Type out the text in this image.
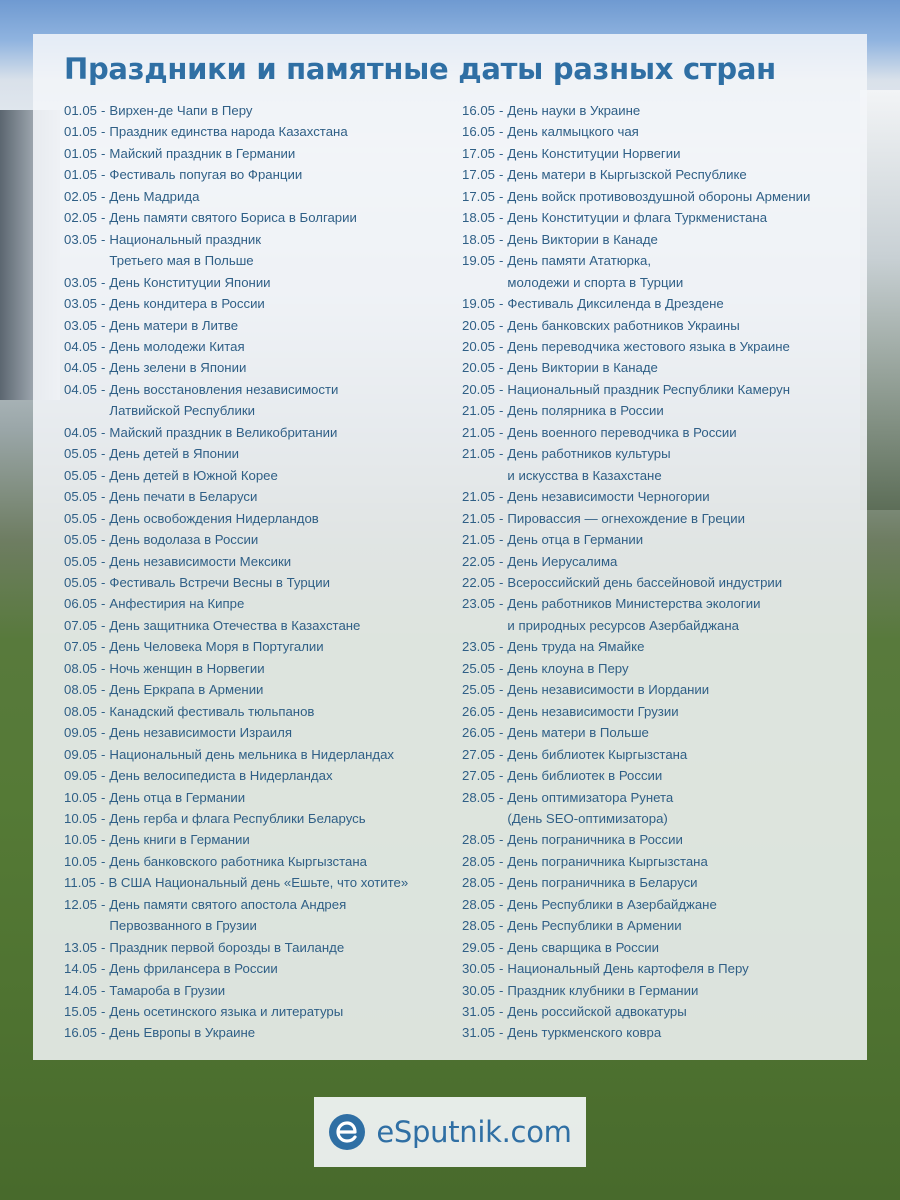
Праздники и памятные даты разных стран
01.05 - Вирхен-де Чапи в Перу
01.05 - Праздник единства народа Казахстана
01.05 - Майский праздник в Германии
01.05 - Фестиваль попугая во Франции
02.05 - День Мадрида
02.05 - День памяти святого Бориса в Болгарии
03.05 - Национальный праздник
Третьего мая в Польше
03.05 - День Конституции Японии
03.05 - День кондитера в России
03.05 - День матери в Литве
04.05 - День молодежи Китая
04.05 - День зелени в Японии
04.05 - День восстановления независимости
Латвийской Республики
04.05 - Майский праздник в Великобритании
05.05 - День детей в Японии
05.05 - День детей в Южной Корее
05.05 - День печати в Беларуси
05.05 - День освобождения Нидерландов
05.05 - День водолаза в России
05.05 - День независимости Мексики
05.05 - Фестиваль Встречи Весны в Турции
06.05 - Анфестирия на Кипре
07.05 - День защитника Отечества в Казахстане
07.05 - День Человека Моря в Португалии
08.05 - Ночь женщин в Норвегии
08.05 - День Еркрапа в Армении
08.05 - Канадский фестиваль тюльпанов
09.05 - День независимости Израиля
09.05 - Национальный день мельника в Нидерландах
09.05 - День велосипедиста в Нидерландах
10.05 - День отца в Германии
10.05 - День герба и флага Республики Беларусь
10.05 - День книги в Германии
10.05 - День банковского работника Кыргызстана
11.05 - В США Национальный день «Ешьте, что хотите»
12.05 - День памяти святого апостола Андрея
Первозванного в Грузии
13.05 - Праздник первой борозды в Таиланде
14.05 - День фрилансера в России
14.05 - Тамароба в Грузии
15.05 - День осетинского языка и литературы
16.05 - День Европы в Украине
16.05 - День науки в Украине
16.05 - День калмыцкого чая
17.05 - День Конституции Норвегии
17.05 - День матери в Кыргызской Республике
17.05 - День войск противовоздушной обороны Армении
18.05 - День Конституции и флага Туркменистана
18.05 - День Виктории в Канаде
19.05 - День памяти Ататюрка,
молодежи и спорта в Турции
19.05 - Фестиваль Диксиленда в Дрездене
20.05 - День банковских работников Украины
20.05 - День переводчика жестового языка в Украине
20.05 - День Виктории в Канаде
20.05 - Национальный праздник Республики Камерун
21.05 - День полярника в России
21.05 - День военного переводчика в России
21.05 - День работников культуры
и искусства в Казахстане
21.05 - День независимости Черногории
21.05 - Пировассия — огнехождение в Греции
21.05 - День отца в Германии
22.05 - День Иерусалима
22.05 - Всероссийский день бассейновой индустрии
23.05 - День работников Министерства экологии
и природных ресурсов Азербайджана
23.05 - День труда на Ямайке
25.05 - День клоуна в Перу
25.05 - День независимости в Иордании
26.05 - День независимости Грузии
26.05 - День матери в Польше
27.05 - День библиотек Кыргызстана
27.05 - День библиотек в России
28.05 - День оптимизатора Рунета
(День SEO-оптимизатора)
28.05 - День пограничника в России
28.05 - День пограничника Кыргызстана
28.05 - День пограничника в Беларуси
28.05 - День Республики в Азербайджане
28.05 - День Республики в Армении
29.05 - День сварщика в России
30.05 - Национальный День картофеля в Перу
30.05 - Праздник клубники в Германии
31.05 - День российской адвокатуры
31.05 - День туркменского ковра
eSputnik.com
